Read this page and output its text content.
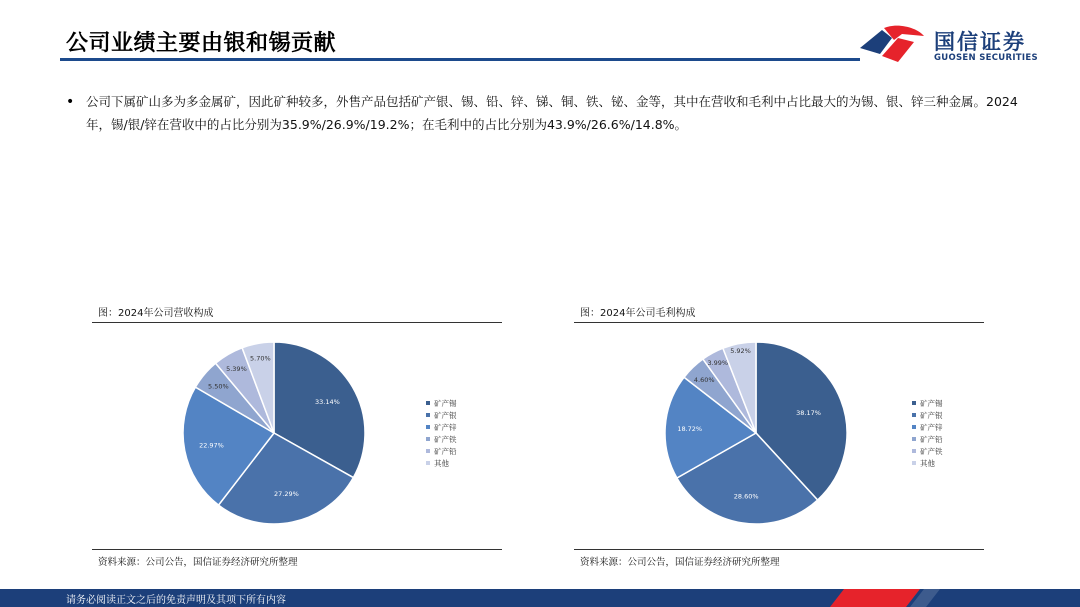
公司业绩主要由银和锡贡献	国信证券
GUOSEN SECURITIES
• 公司下属矿山多为多金属矿，因此矿种较多，外售产品包括矿产银、锡、铅、锌、锑、铜、铁、铋、金等，其中在营收和毛利中占比最大的为锡、银、锌三种金属。2024年，锡/银/锌在营收中的占比分别为35.9%/26.9%/19.2%；在毛利中的占比分别为43.9%/26.6%/14.8%。
图：2024年公司营收构成
33.14%
27.29%
22.97%
5.50%
5.39%
5.70%
矿产锡
矿产银
矿产锌
矿产铁
矿产铅
其他
资料来源：公司公告，国信证券经济研究所整理
图：2024年公司毛利构成
38.17%
28.60%
18.72%
4.60%
3.99%
5.92%
矿产锡
矿产银
矿产锌
矿产铅
矿产铁
其他
资料来源：公司公告，国信证券经济研究所整理
请务必阅读正文之后的免责声明及其项下所有内容
